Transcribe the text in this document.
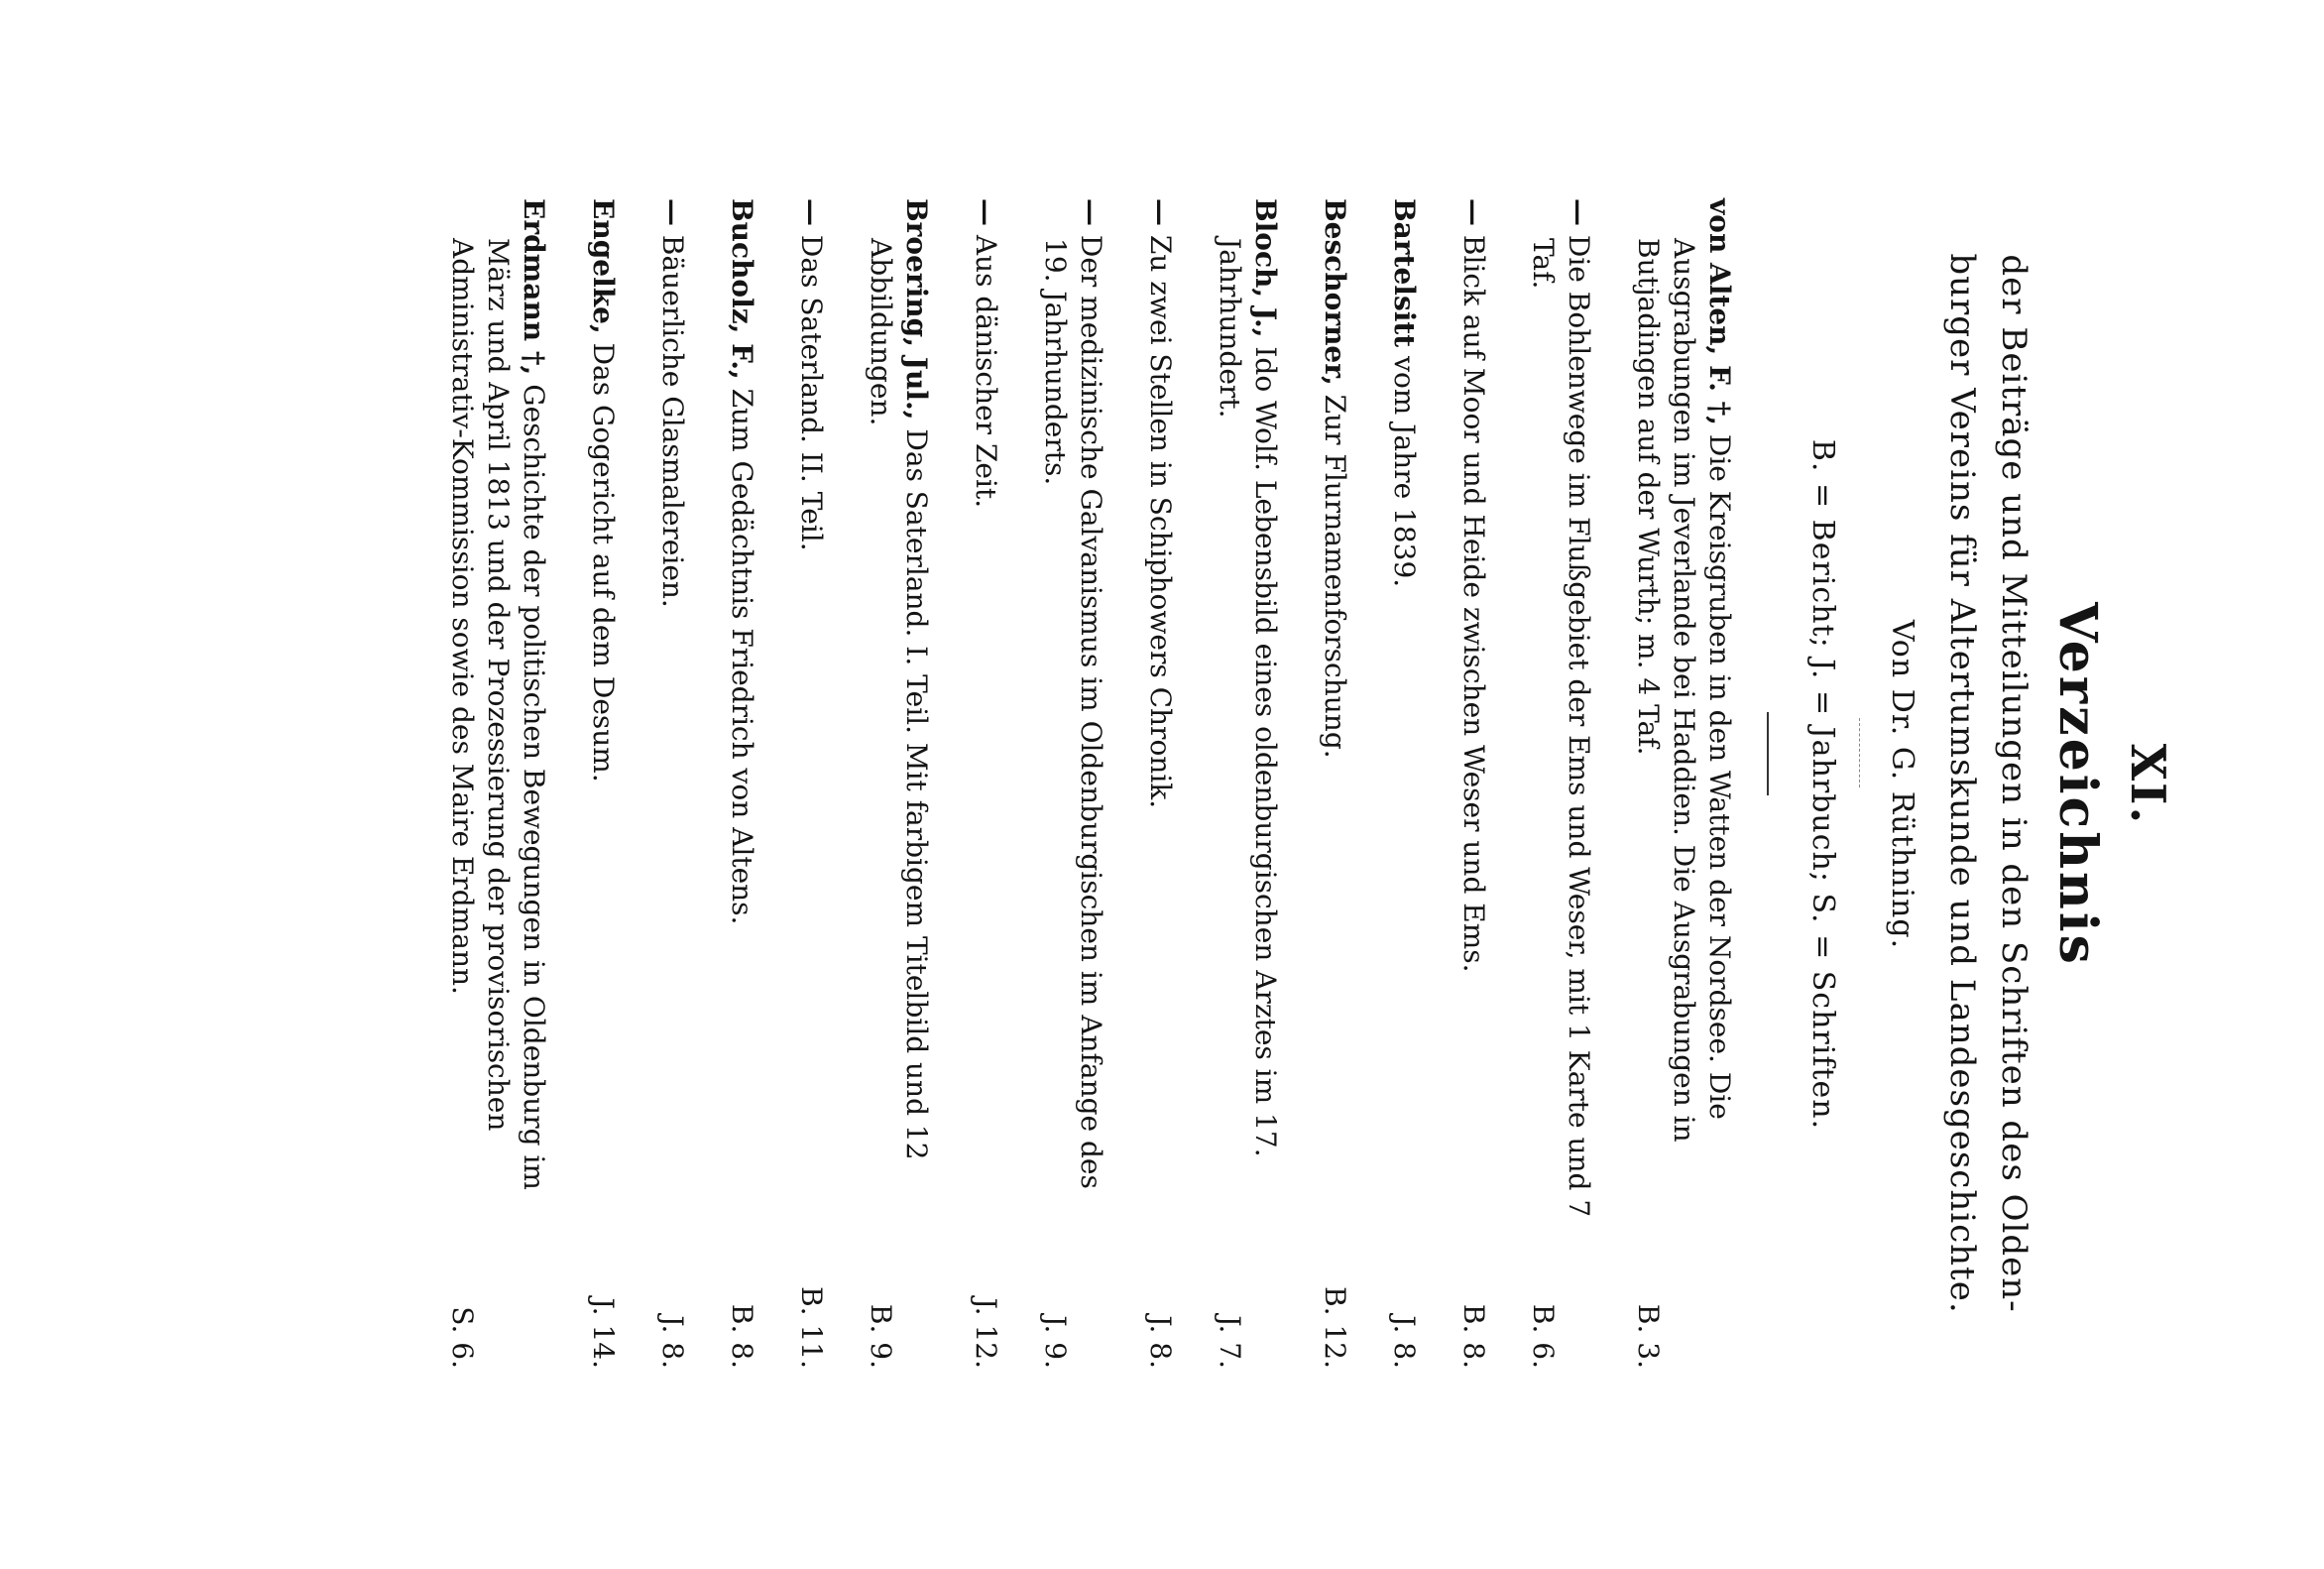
XI.
Verzeichnis
der Beiträge und Mitteilungen in den Schriften des Olden-
burger Vereins für Altertumskunde und Landesgeschichte.
Von Dr. G. Rüthning.
B. = Bericht; J. = Jahrbuch; S. = Schriften.
von Alten, F. †, Die Kreisgruben in den Watten der Nordsee. Die Ausgrabungen im Jeverlande bei Haddien. Die Ausgrabungen in Butjadingen auf der Wurth; m. 4 Taf.
B. 3.
— Die Bohlenwege im Flußgebiet der Ems und Weser, mit 1 Karte und 7 Taf.
B. 6.
— Blick auf Moor und Heide zwischen Weser und Ems.
B. 8.
Bartelsitt vom Jahre 1839.
J. 8.
Beschorner, Zur Flurnamenforschung.
B. 12.
Bloch, J., Ido Wolf. Lebensbild eines oldenburgischen Arztes im 17. Jahrhundert.
J. 7.
— Zu zwei Stellen in Schiphowers Chronik.
J. 8.
— Der medizinische Galvanismus im Oldenburgischen im Anfange des 19. Jahrhunderts.
J. 9.
— Aus dänischer Zeit.
J. 12.
Broering, Jul., Das Saterland. I. Teil. Mit farbigem Titelbild und 12 Abbildungen.
B. 9.
— Das Saterland. II. Teil.
B. 11.
Bucholz, F., Zum Gedächtnis Friedrich von Altens.
B. 8.
— Bäuerliche Glasmalereien.
J. 8.
Engelke, Das Gogericht auf dem Desum.
J. 14.
Erdmann †, Geschichte der politischen Bewegungen in Oldenburg im März und April 1813 und der Prozessierung der provisorischen Administrativ-Kommission sowie des Maire Erdmann.
S. 6.
